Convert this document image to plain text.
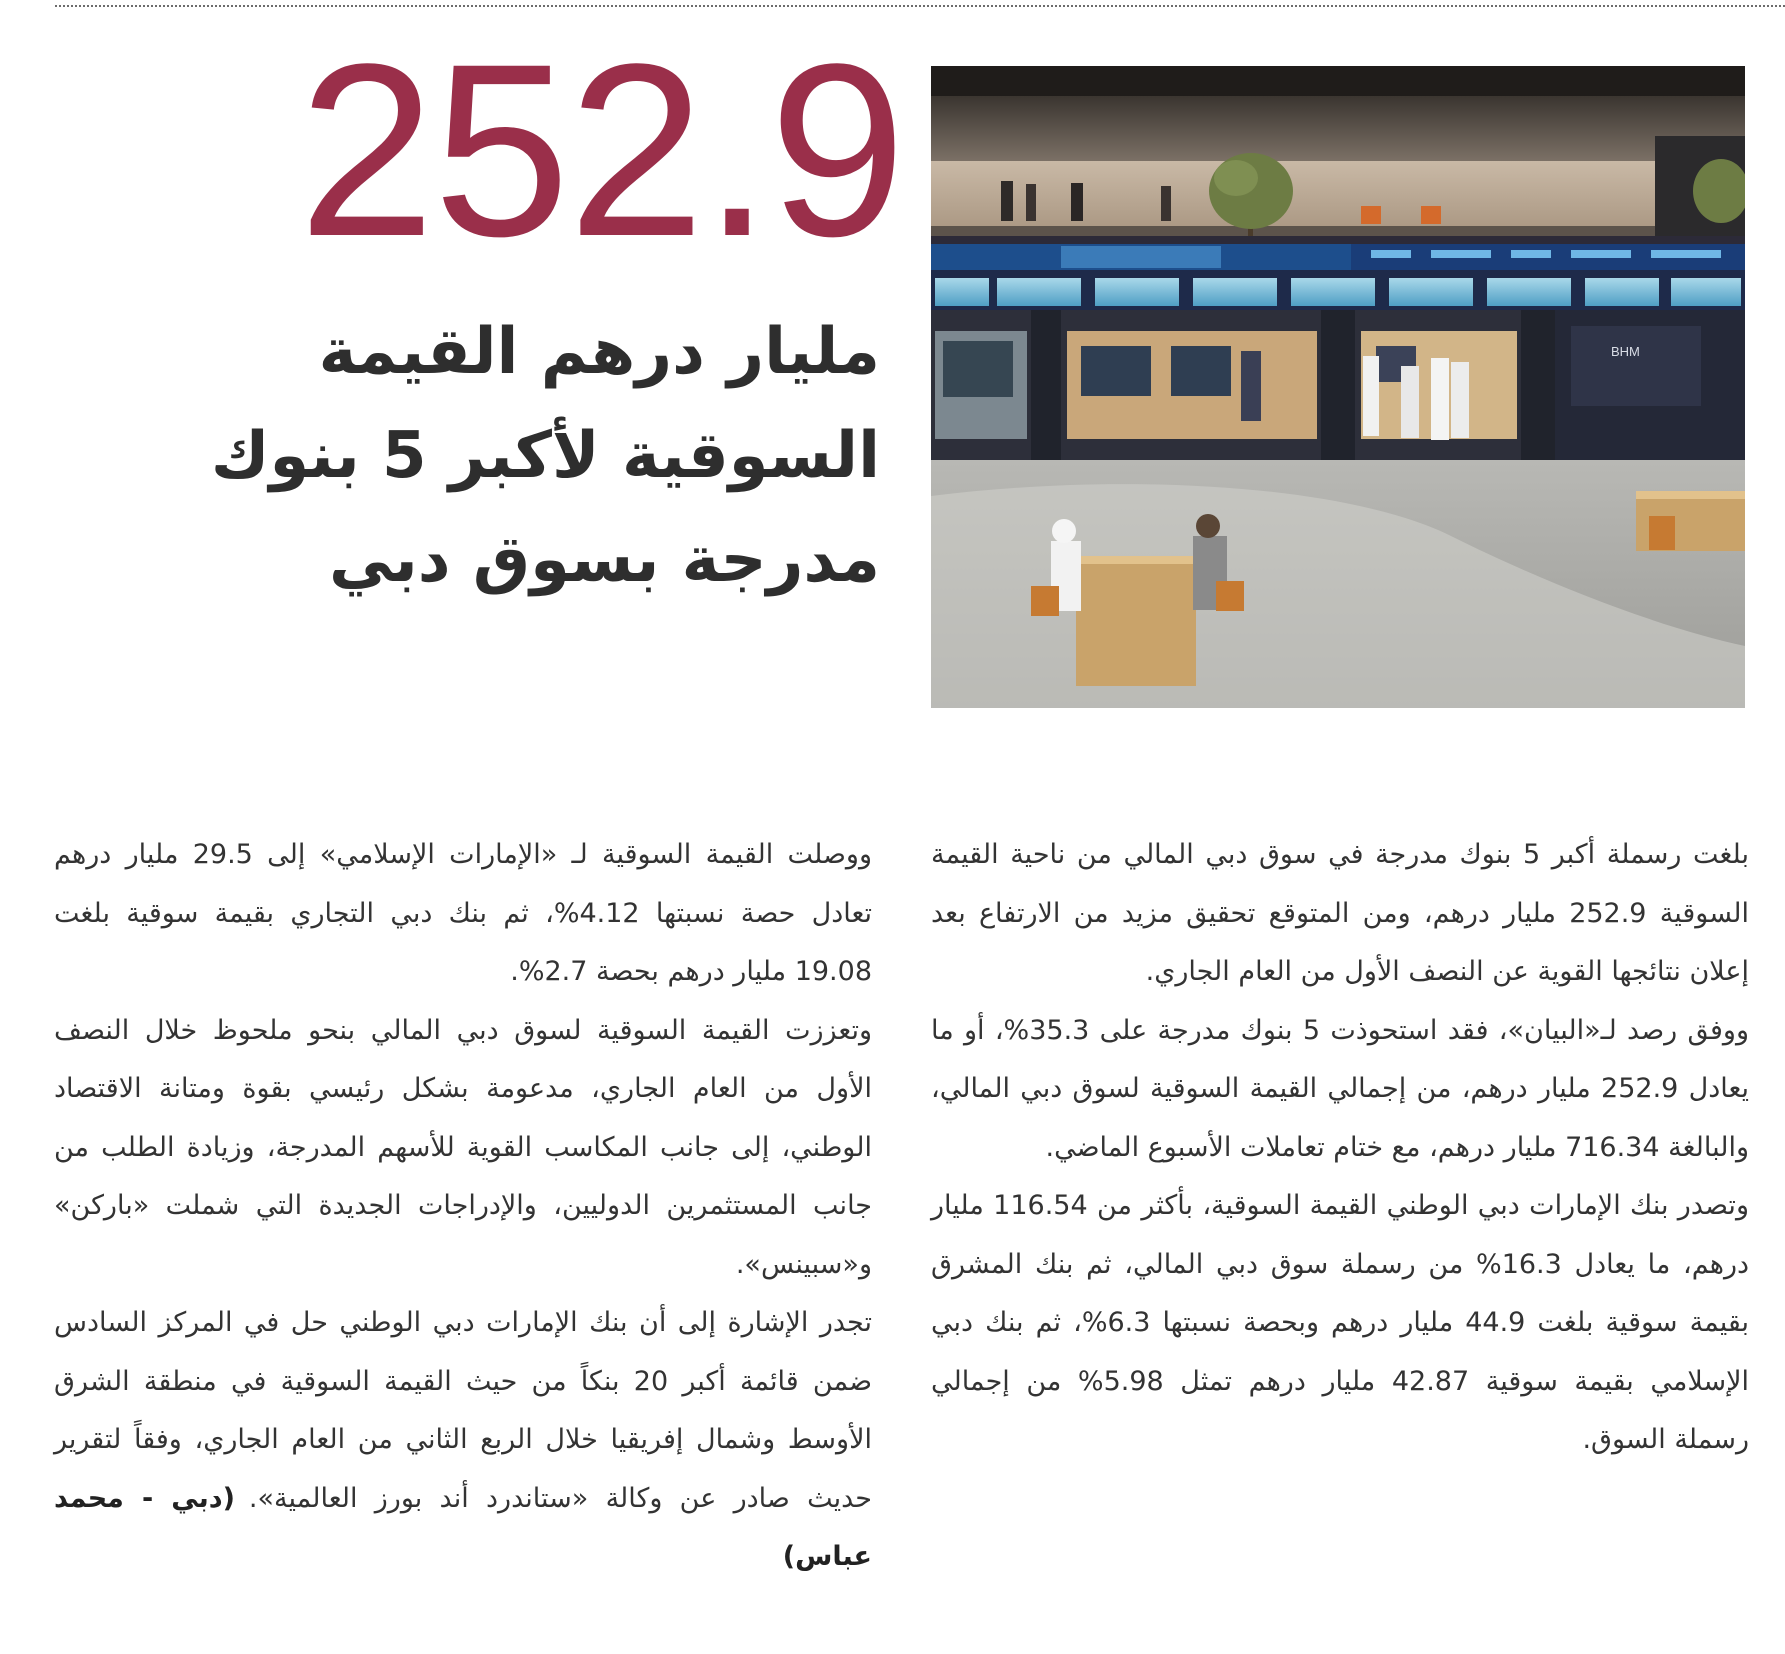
252.9
مليار درهم القيمة
السوقية لأكبر 5 بنوك
مدرجة بسوق دبي
BHM

بلغت رسملة أكبر 5 بنوك مدرجة في سوق دبي المالي من ناحية القيمة السوقية 252.9 مليار درهم، ومن المتوقع تحقيق مزيد من الارتفاع بعد إعلان نتائجها القوية عن النصف الأول من العام الجاري.

ووفق رصد لـ«البيان»، فقد استحوذت 5 بنوك مدرجة على 35.3%، أو ما يعادل 252.9 مليار درهم، من إجمالي القيمة السوقية لسوق دبي المالي، والبالغة 716.34 مليار درهم، مع ختام تعاملات الأسبوع الماضي.

وتصدر بنك الإمارات دبي الوطني القيمة السوقية، بأكثر من 116.54 مليار درهم، ما يعادل 16.3% من رسملة سوق دبي المالي، ثم بنك المشرق بقيمة سوقية بلغت 44.9 مليار درهم وبحصة نسبتها 6.3%، ثم بنك دبي الإسلامي بقيمة سوقية 42.87 مليار درهم تمثل 5.98% من إجمالي رسملة السوق.

ووصلت القيمة السوقية لـ «الإمارات الإسلامي» إلى 29.5 مليار درهم تعادل حصة نسبتها 4.12%، ثم بنك دبي التجاري بقيمة سوقية بلغت 19.08 مليار درهم بحصة 2.7%.

وتعززت القيمة السوقية لسوق دبي المالي بنحو ملحوظ خلال النصف الأول من العام الجاري، مدعومة بشكل رئيسي بقوة ومتانة الاقتصاد الوطني، إلى جانب المكاسب القوية للأسهم المدرجة، وزيادة الطلب من جانب المستثمرين الدوليين، والإدراجات الجديدة التي شملت «باركن» و«سبينس».

تجدر الإشارة إلى أن بنك الإمارات دبي الوطني حل في المركز السادس ضمن قائمة أكبر 20 بنكاً من حيث القيمة السوقية في منطقة الشرق الأوسط وشمال إفريقيا خلال الربع الثاني من العام الجاري، وفقاً لتقرير حديث صادر عن وكالة «ستاندرد أند بورز العالمية».(دبي - محمد عباس)
